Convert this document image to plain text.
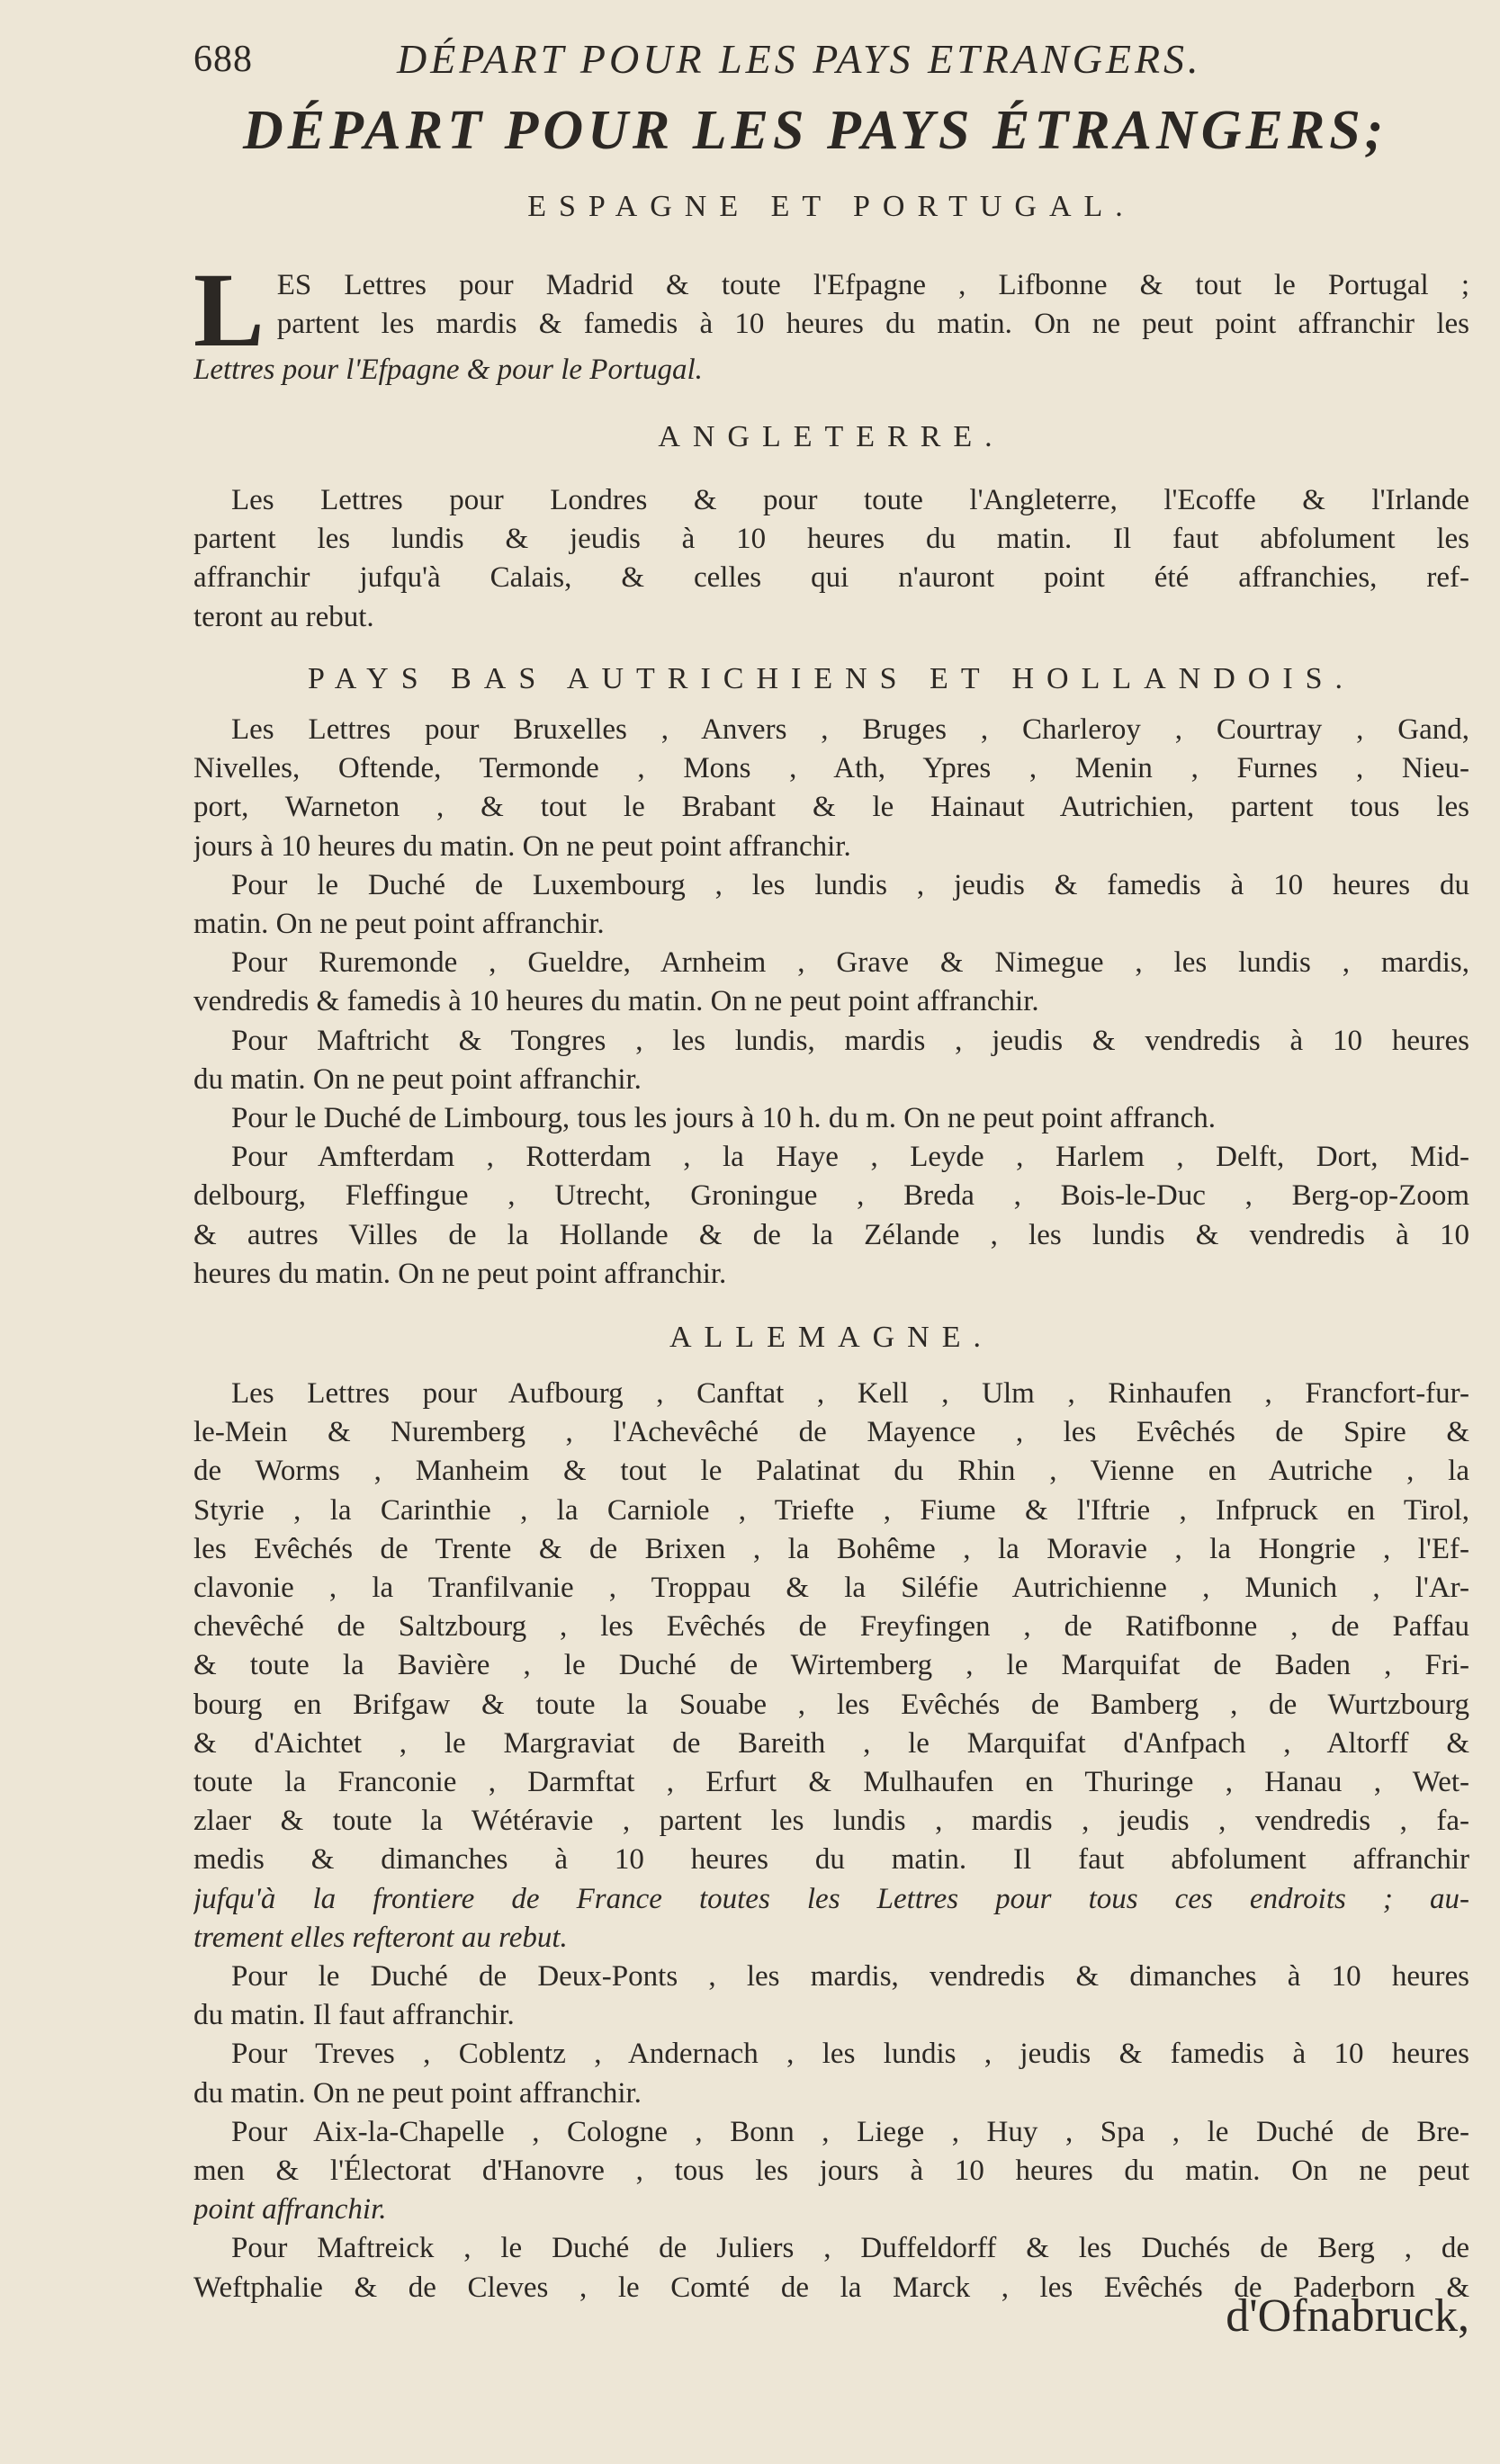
688	DÉPART POUR LES PAYS ETRANGERS.
DÉPART POUR LES PAYS ÉTRANGERS;
ESPAGNE ET PORTUGAL.
L ES Lettres pour Madrid & toute l'Efpagne , Lifbonne & tout le Portugal ;
partent les mardis & famedis à 10 heures du matin. On ne peut point affranchir les
Lettres pour l'Efpagne & pour le Portugal.
ANGLETERRE.
Les Lettres pour Londres & pour toute l'Angleterre, l'Ecoffe & l'Irlande
partent les lundis & jeudis à 10 heures du matin. Il faut abfolument les
affranchir jufqu'à Calais, & celles qui n'auront point été affranchies, ref-
teront au rebut.
PAYS BAS AUTRICHIENS ET HOLLANDOIS.
Les Lettres pour Bruxelles , Anvers , Bruges , Charleroy , Courtray , Gand,
Nivelles, Oftende, Termonde , Mons , Ath, Ypres , Menin , Furnes , Nieu-
port, Warneton , & tout le Brabant & le Hainaut Autrichien, partent tous les
jours à 10 heures du matin. On ne peut point affranchir.
Pour le Duché de Luxembourg , les lundis , jeudis & famedis à 10 heures du
matin. On ne peut point affranchir.
Pour Ruremonde , Gueldre, Arnheim , Grave & Nimegue , les lundis , mardis,
vendredis & famedis à 10 heures du matin. On ne peut point affranchir.
Pour Maftricht & Tongres , les lundis, mardis , jeudis & vendredis à 10 heures
du matin. On ne peut point affranchir.
Pour le Duché de Limbourg, tous les jours à 10 h. du m. On ne peut point affranch.
Pour Amfterdam , Rotterdam , la Haye , Leyde , Harlem , Delft, Dort, Mid-
delbourg, Fleffingue , Utrecht, Groningue , Breda , Bois-le-Duc , Berg-op-Zoom
& autres Villes de la Hollande & de la Zélande , les lundis & vendredis à 10
heures du matin. On ne peut point affranchir.
ALLEMAGNE.
Les Lettres pour Aufbourg , Canftat , Kell , Ulm , Rinhaufen , Francfort-fur-
le-Mein & Nuremberg , l'Achevêché de Mayence , les Evêchés de Spire &
de Worms , Manheim & tout le Palatinat du Rhin , Vienne en Autriche , la
Styrie , la Carinthie , la Carniole , Triefte , Fiume & l'Iftrie , Infpruck en Tirol,
les Evêchés de Trente & de Brixen , la Bohême , la Moravie , la Hongrie , l'Ef-
clavonie , la Tranfilvanie , Troppau & la Siléfie Autrichienne , Munich , l'Ar-
chevêché de Saltzbourg , les Evêchés de Freyfingen , de Ratifbonne , de Paffau
& toute la Bavière , le Duché de Wirtemberg , le Marquifat de Baden , Fri-
bourg en Brifgaw & toute la Souabe , les Evêchés de Bamberg , de Wurtzbourg
& d'Aichtet , le Margraviat de Bareith , le Marquifat d'Anfpach , Altorff &
toute la Franconie , Darmftat , Erfurt & Mulhaufen en Thuringe , Hanau , Wet-
zlaer & toute la Wétéravie , partent les lundis , mardis , jeudis , vendredis , fa-
medis & dimanches à 10 heures du matin. Il faut abfolument affranchir
jufqu'à la frontiere de France toutes les Lettres pour tous ces endroits ; au-
trement elles refteront au rebut.
Pour le Duché de Deux-Ponts , les mardis, vendredis & dimanches à 10 heures
du matin. Il faut affranchir.
Pour Treves , Coblentz , Andernach , les lundis , jeudis & famedis à 10 heures
du matin. On ne peut point affranchir.
Pour Aix-la-Chapelle , Cologne , Bonn , Liege , Huy , Spa , le Duché de Bre-
men & l'Électorat d'Hanovre , tous les jours à 10 heures du matin. On ne peut
point affranchir.
Pour Maftreick , le Duché de Juliers , Duffeldorff & les Duchés de Berg , de
Weftphalie & de Cleves , le Comté de la Marck , les Evêchés de Paderborn &
d'Ofnabruck,
